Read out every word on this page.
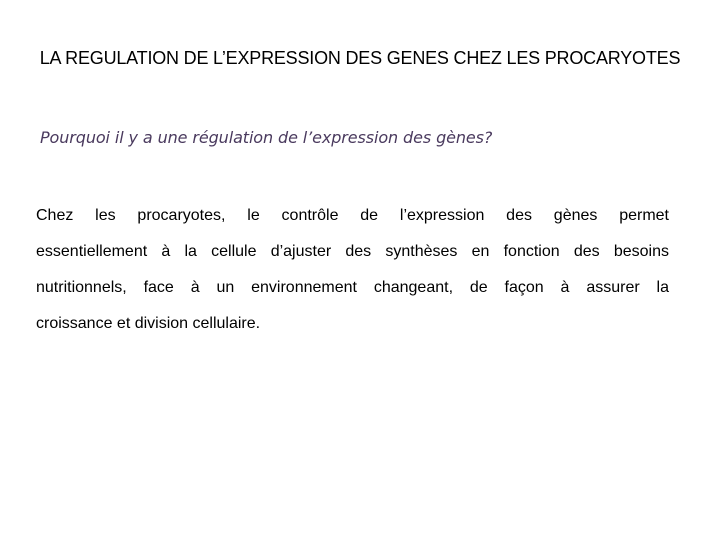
LA REGULATION DE L’EXPRESSION DES GENES CHEZ LES PROCARYOTES
Pourquoi il y a une régulation de l’expression des gènes?
Chez les procaryotes, le contrôle de l’expression des gènes permet
essentiellement à la cellule d’ajuster des synthèses en fonction des besoins
nutritionnels, face à un environnement changeant, de façon à assurer la
croissance et division cellulaire.
